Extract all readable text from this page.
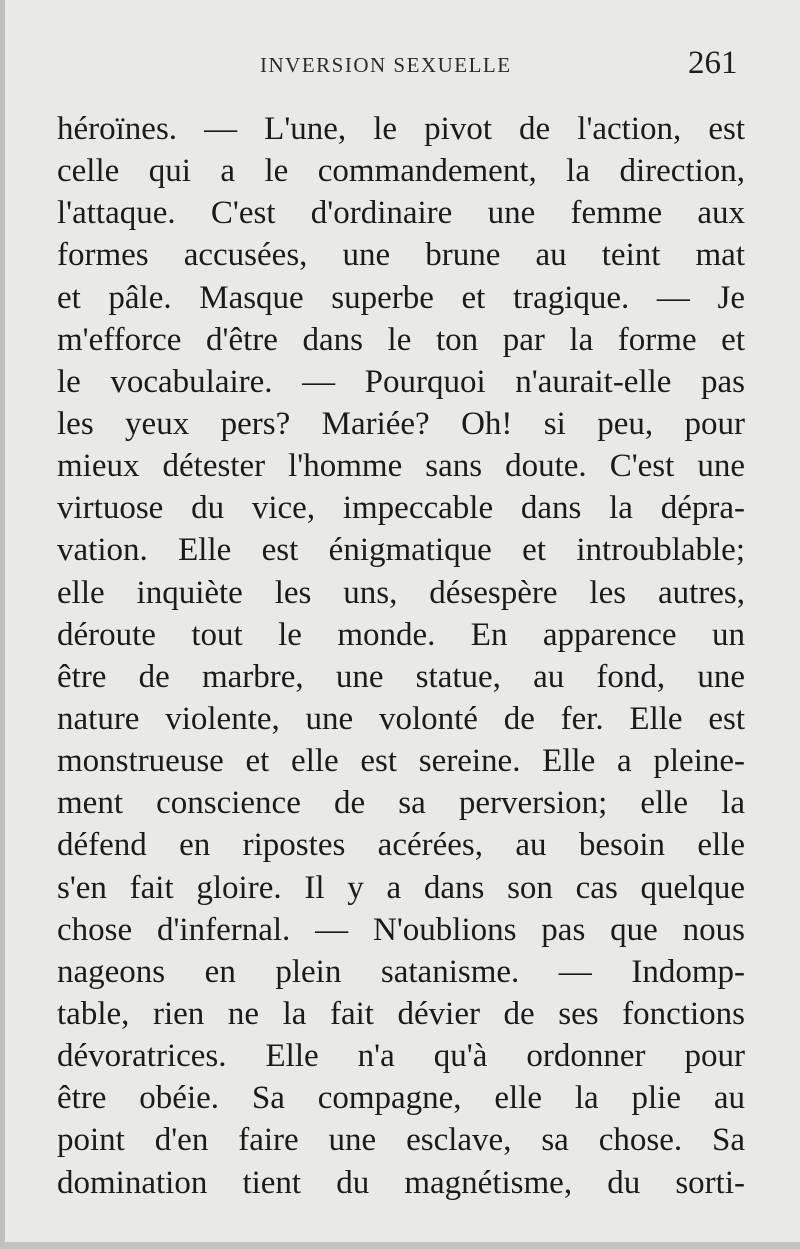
INVERSION SEXUELLE	261
héroïnes. — L'une, le pivot de l'action, est
celle qui a le commandement, la direction,
l'attaque. C'est d'ordinaire une femme aux
formes accusées, une brune au teint mat
et pâle. Masque superbe et tragique. — Je
m'efforce d'être dans le ton par la forme et
le vocabulaire. — Pourquoi n'aurait-elle pas
les yeux pers? Mariée? Oh! si peu, pour
mieux détester l'homme sans doute. C'est une
virtuose du vice, impeccable dans la dépra-
vation. Elle est énigmatique et introublable;
elle inquiète les uns, désespère les autres,
déroute tout le monde. En apparence un
être de marbre, une statue, au fond, une
nature violente, une volonté de fer. Elle est
monstrueuse et elle est sereine. Elle a pleine-
ment conscience de sa perversion; elle la
défend en ripostes acérées, au besoin elle
s'en fait gloire. Il y a dans son cas quelque
chose d'infernal. — N'oublions pas que nous
nageons en plein satanisme. — Indomp-
table, rien ne la fait dévier de ses fonctions
dévoratrices. Elle n'a qu'à ordonner pour
être obéie. Sa compagne, elle la plie au
point d'en faire une esclave, sa chose. Sa
domination tient du magnétisme, du sorti-
